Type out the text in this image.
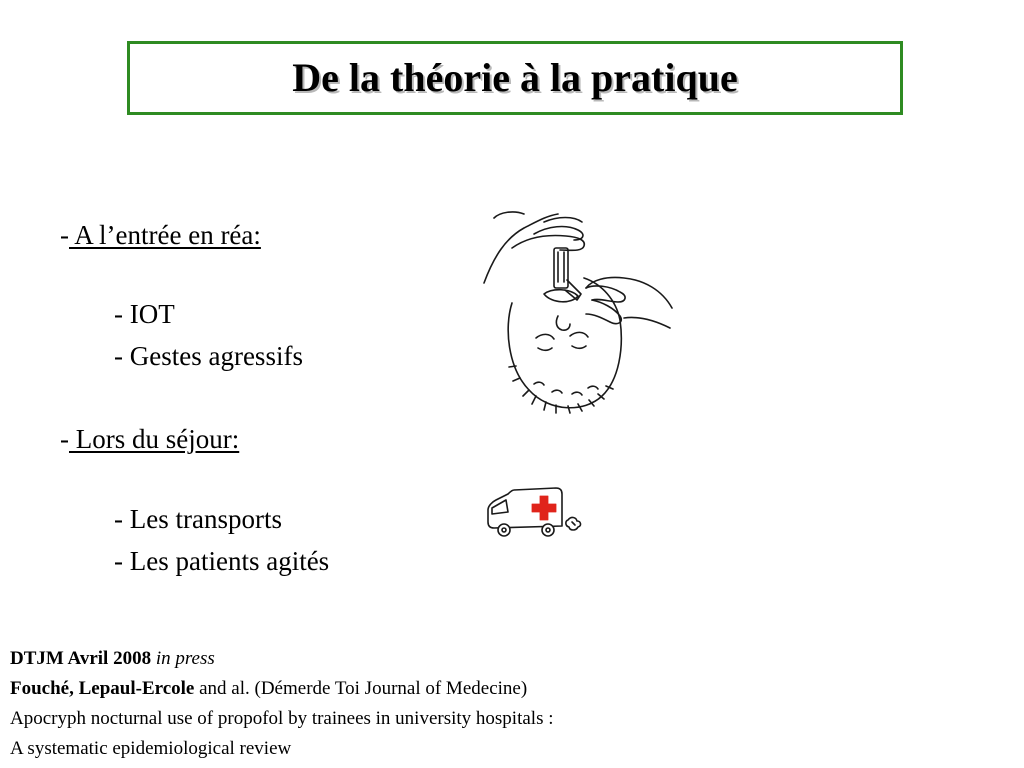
De la théorie à la pratique
- A l’entrée en réa:
- IOT
- Gestes agressifs
- Lors du séjour:
- Les transports
- Les patients agités
DTJM Avril 2008 in press
Fouché, Lepaul-Ercole and al. (Démerde Toi Journal of Medecine)
Apocryph nocturnal use of propofol by trainees in university hospitals :
A systematic epidemiological review
